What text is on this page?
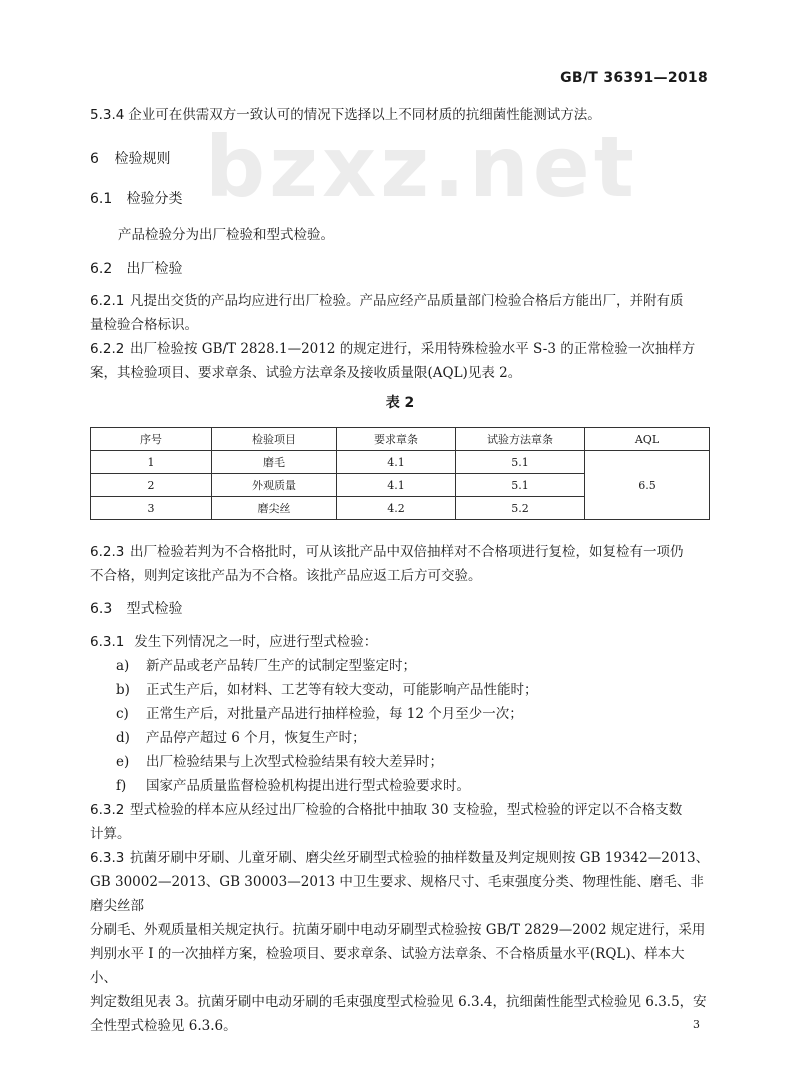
GB/T 36391—2018
bzxz.net
5.3.4 企业可在供需双方一致认可的情况下选择以上不同材质的抗细菌性能测试方法。
6 检验规则
6.1 检验分类
产品检验分为出厂检验和型式检验。
6.2 出厂检验
6.2.1 凡提出交货的产品均应进行出厂检验。产品应经产品质量部门检验合格后方能出厂，并附有质
量检验合格标识。
6.2.2 出厂检验按 GB/T 2828.1—2012 的规定进行，采用特殊检验水平 S-3 的正常检验一次抽样方
案，其检验项目、要求章条、试验方法章条及接收质量限(AQL)见表 2。
表 2
序号	检验项目	要求章条	试验方法章条	AQL
1	磨毛	4.1	5.1	6.5
2	外观质量	4.1	5.1	
3	磨尖丝	4.2	5.2	
6.2.3 出厂检验若判为不合格批时，可从该批产品中双倍抽样对不合格项进行复检，如复检有一项仍
不合格，则判定该批产品为不合格。该批产品应返工后方可交验。
6.3 型式检验
6.3.1 发生下列情况之一时，应进行型式检验：
a) 新产品或老产品转厂生产的试制定型鉴定时；
b) 正式生产后，如材料、工艺等有较大变动，可能影响产品性能时；
c) 正常生产后，对批量产品进行抽样检验，每 12 个月至少一次；
d) 产品停产超过 6 个月，恢复生产时；
e) 出厂检验结果与上次型式检验结果有较大差异时；
f) 国家产品质量监督检验机构提出进行型式检验要求时。
6.3.2 型式检验的样本应从经过出厂检验的合格批中抽取 30 支检验，型式检验的评定以不合格支数
计算。
6.3.3 抗菌牙刷中牙刷、儿童牙刷、磨尖丝牙刷型式检验的抽样数量及判定规则按 GB 19342—2013、
GB 30002—2013、GB 30003—2013 中卫生要求、规格尺寸、毛束强度分类、物理性能、磨毛、非磨尖丝部
分刷毛、外观质量相关规定执行。抗菌牙刷中电动牙刷型式检验按 GB/T 2829—2002 规定进行，采用
判别水平 Ⅰ 的一次抽样方案，检验项目、要求章条、试验方法章条、不合格质量水平(RQL)、样本大小、
判定数组见表 3。抗菌牙刷中电动牙刷的毛束强度型式检验见 6.3.4，抗细菌性能型式检验见 6.3.5，安
全性型式检验见 6.3.6。	3
